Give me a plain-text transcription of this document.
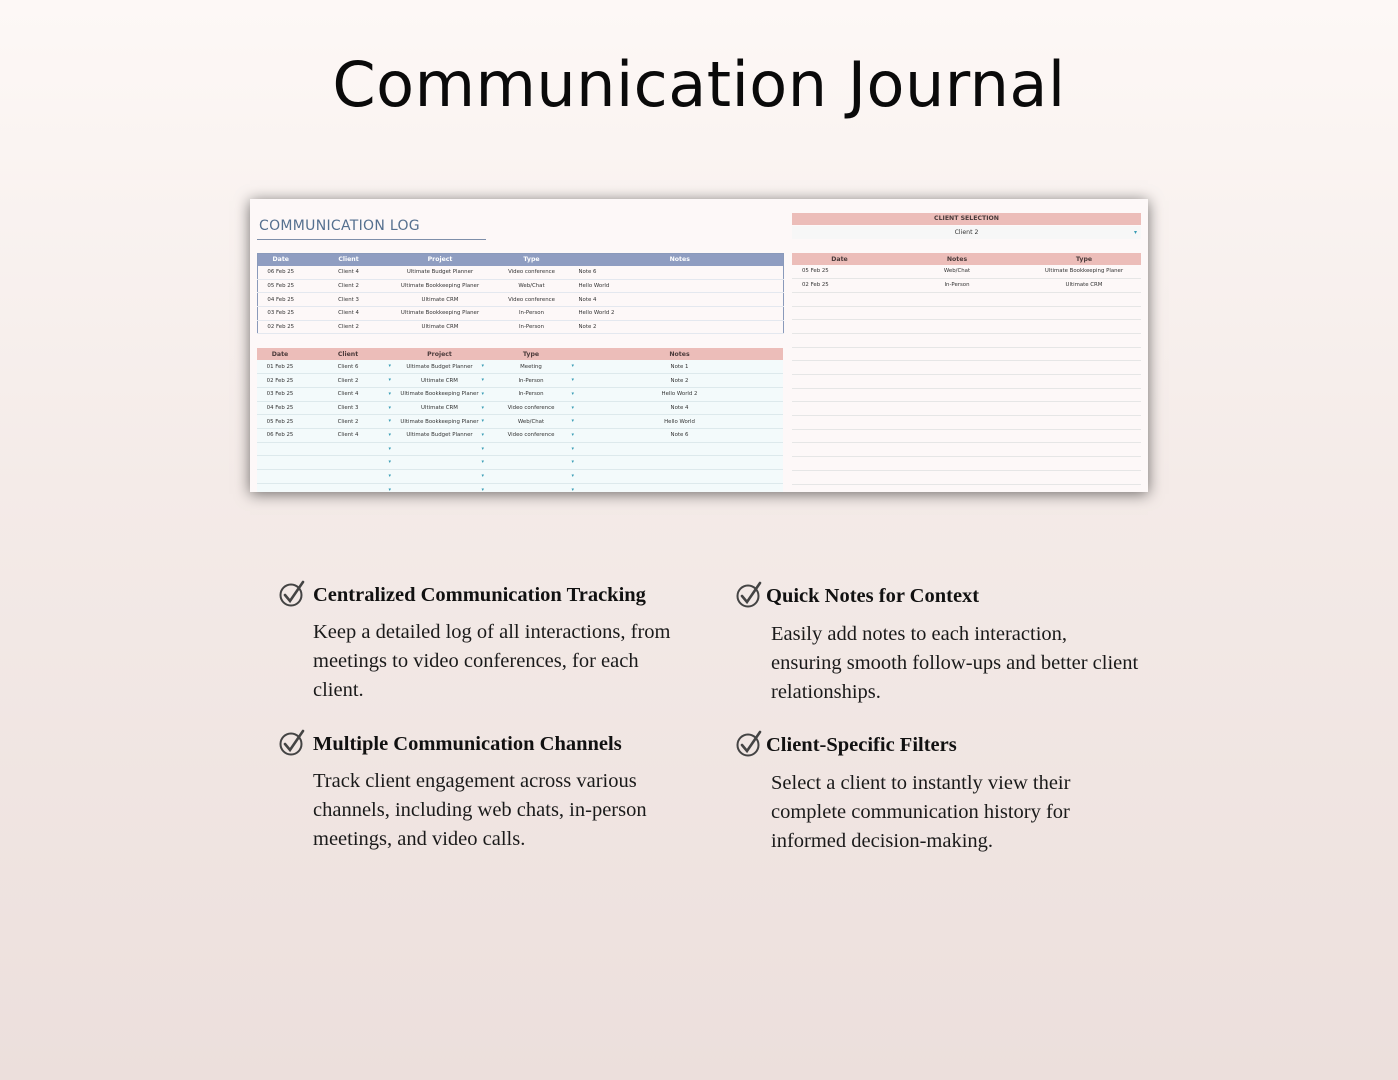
Communication Journal
COMMUNICATION LOG
Date	Client	Project	Type	Notes
06 Feb 25	Client 4	Ultimate Budget Planner	Video conference	Note 6
05 Feb 25	Client 2	Ultimate Bookkeeping Planer	Web/Chat	Hello World
04 Feb 25	Client 3	Ultimate CRM	Video conference	Note 4
03 Feb 25	Client 4	Ultimate Bookkeeping Planer	In-Person	Hello World 2
02 Feb 25	Client 2	Ultimate CRM	In-Person	Note 2
Date	Client	Project	Type	Notes
01 Feb 25	Client 6 ▾	Ultimate Budget Planner ▾	Meeting ▾	Note 1
02 Feb 25	Client 2 ▾	Ultimate CRM ▾	In-Person ▾	Note 2
03 Feb 25	Client 4 ▾	Ultimate Bookkeeping Planer ▾	In-Person ▾	Hello World 2
04 Feb 25	Client 3 ▾	Ultimate CRM ▾	Video conference ▾	Note 4
05 Feb 25	Client 2 ▾	Ultimate Bookkeeping Planer ▾	Web/Chat ▾	Hello World
06 Feb 25	Client 4 ▾	Ultimate Budget Planner ▾	Video conference ▾	Note 6
	▾	▾	▾	
	▾	▾	▾	
	▾	▾	▾	
	▾	▾	▾	
CLIENT SELECTION
Client 2	▾
Date	Notes	Type
05 Feb 25	Web/Chat	Ultimate Bookkeeping Planer
02 Feb 25	In-Person	Ultimate CRM

Centralized Communication Tracking

Keep a detailed log of all interactions, from meetings to video conferences, for each client.

Quick Notes for Context

Easily add notes to each interaction, ensuring smooth follow-ups and better client relationships.

Multiple Communication Channels

Track client engagement across various channels, including web chats, in-person meetings, and video calls.

Client-Specific Filters

Select a client to instantly view their complete communication history for informed decision-making.
